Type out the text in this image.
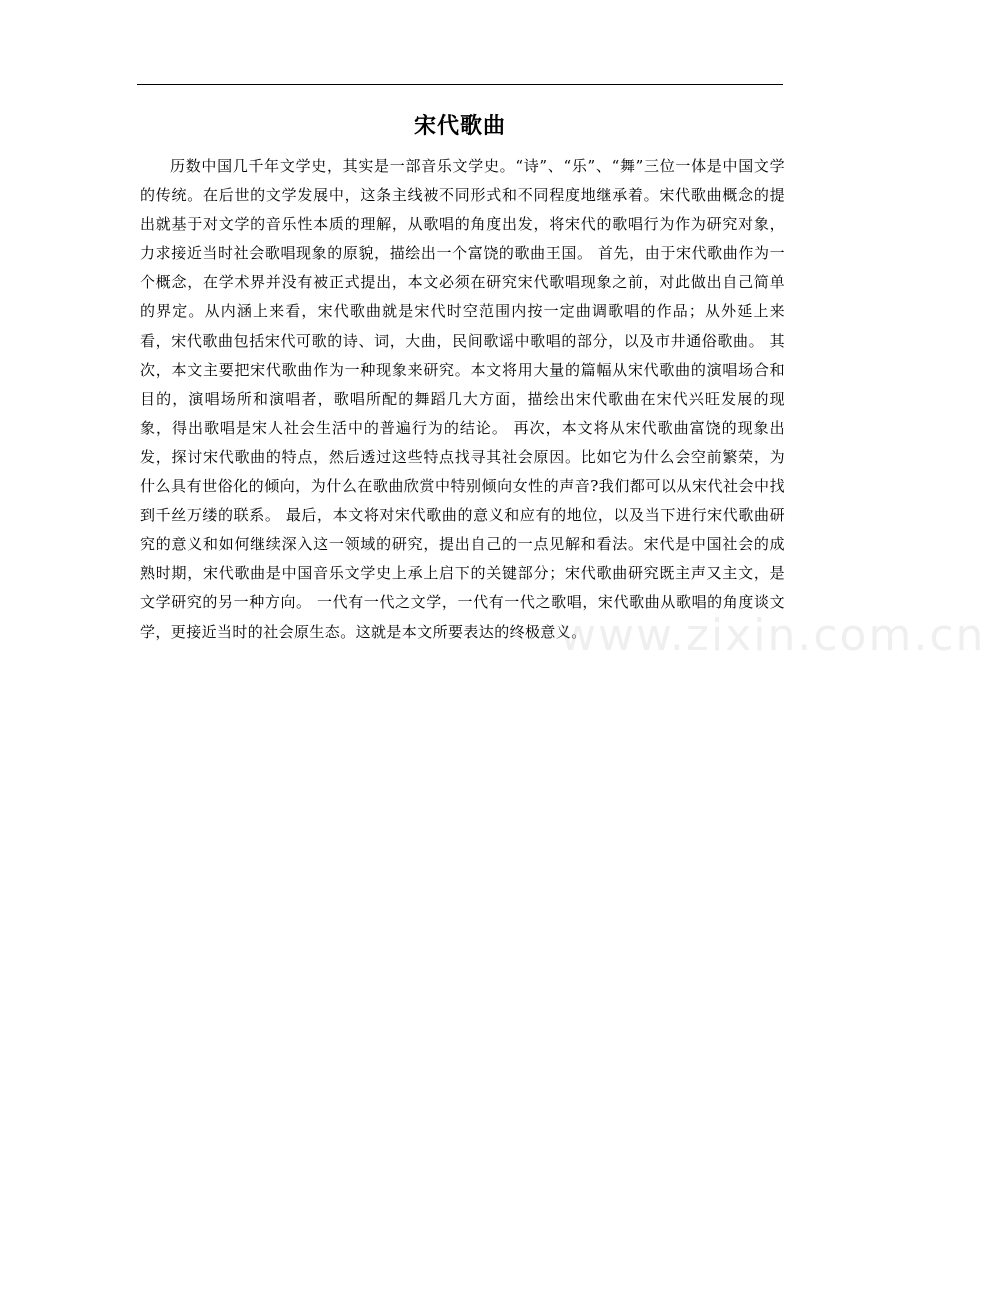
宋代歌曲

历数中国几千年文学史，其实是一部音乐文学史。“诗”、“乐”、“舞”三位一体是中国文学的传统。在后世的文学发展中，这条主线被不同形式和不同程度地继承着。宋代歌曲概念的提出就基于对文学的音乐性本质的理解，从歌唱的角度出发，将宋代的歌唱行为作为研究对象，力求接近当时社会歌唱现象的原貌，描绘出一个富饶的歌曲王国。 首先，由于宋代歌曲作为一个概念，在学术界并没有被正式提出，本文必须在研究宋代歌唱现象之前，对此做出自己简单的界定。从内涵上来看，宋代歌曲就是宋代时空范围内按一定曲调歌唱的作品；从外延上来看，宋代歌曲包括宋代可歌的诗、词，大曲，民间歌谣中歌唱的部分，以及市井通俗歌曲。 其次，本文主要把宋代歌曲作为一种现象来研究。本文将用大量的篇幅从宋代歌曲的演唱场合和目的，演唱场所和演唱者，歌唱所配的舞蹈几大方面，描绘出宋代歌曲在宋代兴旺发展的现象，得出歌唱是宋人社会生活中的普遍行为的结论。 再次，本文将从宋代歌曲富饶的现象出发，探讨宋代歌曲的特点，然后透过这些特点找寻其社会原因。比如它为什么会空前繁荣，为什么具有世俗化的倾向，为什么在歌曲欣赏中特别倾向女性的声音?我们都可以从宋代社会中找到千丝万缕的联系。 最后，本文将对宋代歌曲的意义和应有的地位，以及当下进行宋代歌曲研究的意义和如何继续深入这一领域的研究，提出自己的一点见解和看法。宋代是中国社会的成熟时期，宋代歌曲是中国音乐文学史上承上启下的关键部分；宋代歌曲研究既主声又主文，是文学研究的另一种方向。 一代有一代之文学，一代有一代之歌唱，宋代歌曲从歌唱的角度谈文学，更接近当时的社会原生态。这就是本文所要表达的终极意义。

www.zixin.com.cn
